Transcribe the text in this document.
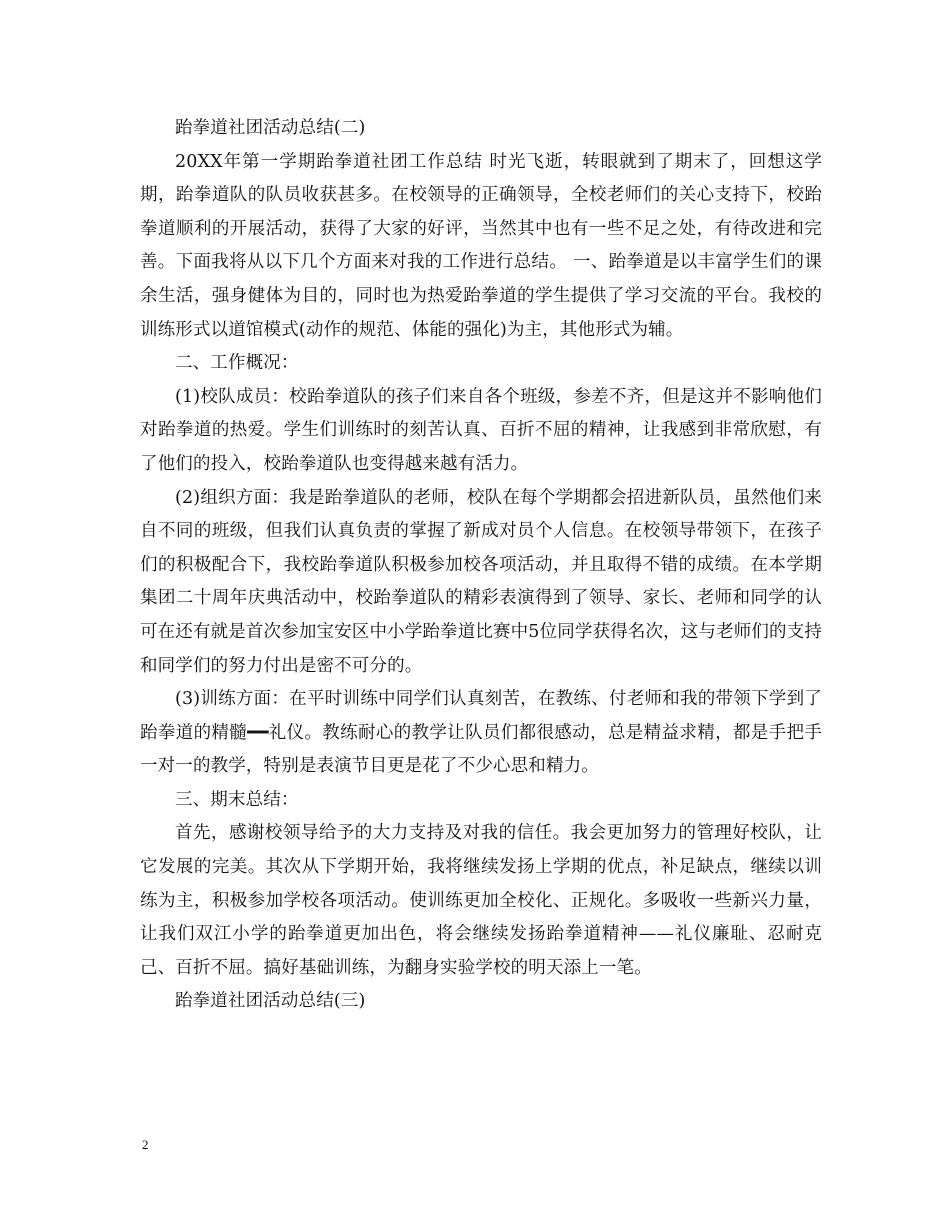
跆拳道社团活动总结(二)

20XX年第一学期跆拳道社团工作总结 时光飞逝，转眼就到了期末了，回想这学期，跆拳道队的队员收获甚多。在校领导的正确领导，全校老师们的关心支持下，校跆拳道顺利的开展活动，获得了大家的好评，当然其中也有一些不足之处，有待改进和完善。下面我将从以下几个方面来对我的工作进行总结。 一、跆拳道是以丰富学生们的课余生活，强身健体为目的，同时也为热爱跆拳道的学生提供了学习交流的平台。我校的训练形式以道馆模式(动作的规范、体能的强化)为主，其他形式为辅。

二、工作概况：

(1)校队成员：校跆拳道队的孩子们来自各个班级，参差不齐，但是这并不影响他们对跆拳道的热爱。学生们训练时的刻苦认真、百折不屈的精神，让我感到非常欣慰，有了他们的投入，校跆拳道队也变得越来越有活力。

(2)组织方面：我是跆拳道队的老师，校队在每个学期都会招进新队员，虽然他们来自不同的班级，但我们认真负责的掌握了新成对员个人信息。在校领导带领下，在孩子们的积极配合下，我校跆拳道队积极参加校各项活动，并且取得不错的成绩。在本学期集团二十周年庆典活动中，校跆拳道队的精彩表演得到了领导、家长、老师和同学的认可在还有就是首次参加宝安区中小学跆拳道比赛中5位同学获得名次，这与老师们的支持和同学们的努力付出是密不可分的。

(3)训练方面：在平时训练中同学们认真刻苦，在教练、付老师和我的带领下学到了跆拳道的精髓━━礼仪。教练耐心的教学让队员们都很感动，总是精益求精，都是手把手一对一的教学，特别是表演节目更是花了不少心思和精力。

三、期末总结：

首先，感谢校领导给予的大力支持及对我的信任。我会更加努力的管理好校队，让它发展的完美。其次从下学期开始，我将继续发扬上学期的优点，补足缺点，继续以训练为主，积极参加学校各项活动。使训练更加全校化、正规化。多吸收一些新兴力量，让我们双江小学的跆拳道更加出色，将会继续发扬跆拳道精神——礼仪廉耻、忍耐克己、百折不屈。搞好基础训练，为翻身实验学校的明天添上一笔。

跆拳道社团活动总结(三)

2
